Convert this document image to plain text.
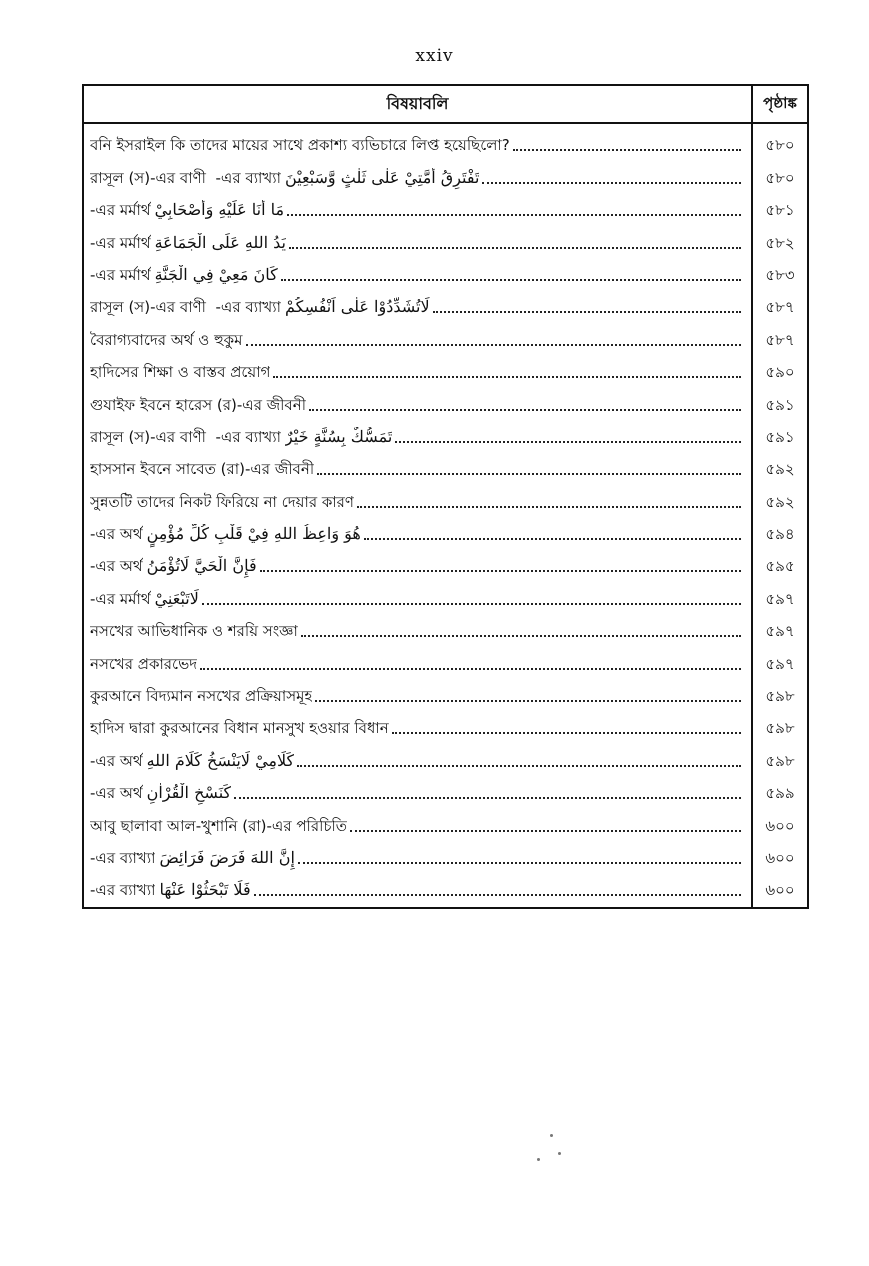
xxiv
বিষয়াবলি	পৃষ্ঠাঙ্ক
বনি ইসরাইল কি তাদের মায়ের সাথে প্রকাশ্য ব্যভিচারে লিপ্ত হয়েছিলো?
রাসূল (স)-এর বাণী ‎ -এর ব্যাখ্যা تَفْتَرِقُ أُمَّتِيْ عَلٰى ثَلٰثٍ وَّسَبْعِيْنَ
-এর মর্মার্থ مَا أَنَا عَلَيْهِ وَأَصْحَابِيْ
-এর মর্মার্থ يَدُ اللهِ عَلَى الْجَمَاعَةِ
-এর মর্মার্থ كَانَ مَعِيْ فِي الْجَنَّةِ
রাসূল (স)-এর বাণী ‎ -এর ব্যাখ্যা لَاتُشَدِّدُوْا عَلٰى اَنْفُسِكُمْ
বৈরাগ্যবাদের অর্থ ও হুকুম
হাদিসের শিক্ষা ও বাস্তব প্রয়োগ
গুযাইফ ইবনে হারেস (র)-এর জীবনী
রাসূল (স)-এর বাণী ‎ -এর ব্যাখ্যা تَمَسُّكٌ بِسُنَّةٍ خَيْرٌ
হাসসান ইবনে সাবেত (রা)-এর জীবনী
সুন্নতটি তাদের নিকট ফিরিয়ে না দেয়ার কারণ
-এর অর্থ هُوَ وَاعِظُ اللهِ فِيْ قَلْبِ كُلِّ مُؤْمِنٍ
-এর অর্থ فَإِنَّ الْحَيَّ لَاتُؤْمَنُ
-এর মর্মার্থ لَاتَبْعَنِيْ
নসখের আভিধানিক ও শরয়ি সংজ্ঞা
নসখের প্রকারভেদ
কুরআনে বিদ্যমান নসখের প্রক্রিয়াসমূহ
হাদিস দ্বারা কুরআনের বিধান মানসুখ হওয়ার বিধান
-এর অর্থ كَلَامِيْ لَايَنْسَخُ كَلَامَ اللهِ
-এর অর্থ كَنَسْخِ الْقُرْاٰنِ
আবু ছালাবা আল-খুশানি (রা)-এর পরিচিতি
-এর ব্যাখ্যা إِنَّ اللهَ فَرَضَ فَرَائِضَ
-এর ব্যাখ্যা فَلَا تَبْحَثُوْا عَنْهَا
৫৮০
৫৮০
৫৮১
৫৮২
৫৮৩
৫৮৭
৫৮৭
৫৯০
৫৯১
৫৯১
৫৯২
৫৯২
৫৯৪
৫৯৫
৫৯৭
৫৯৭
৫৯৭
৫৯৮
৫৯৮
৫৯৮
৫৯৯
৬০০
৬০০
৬০০
